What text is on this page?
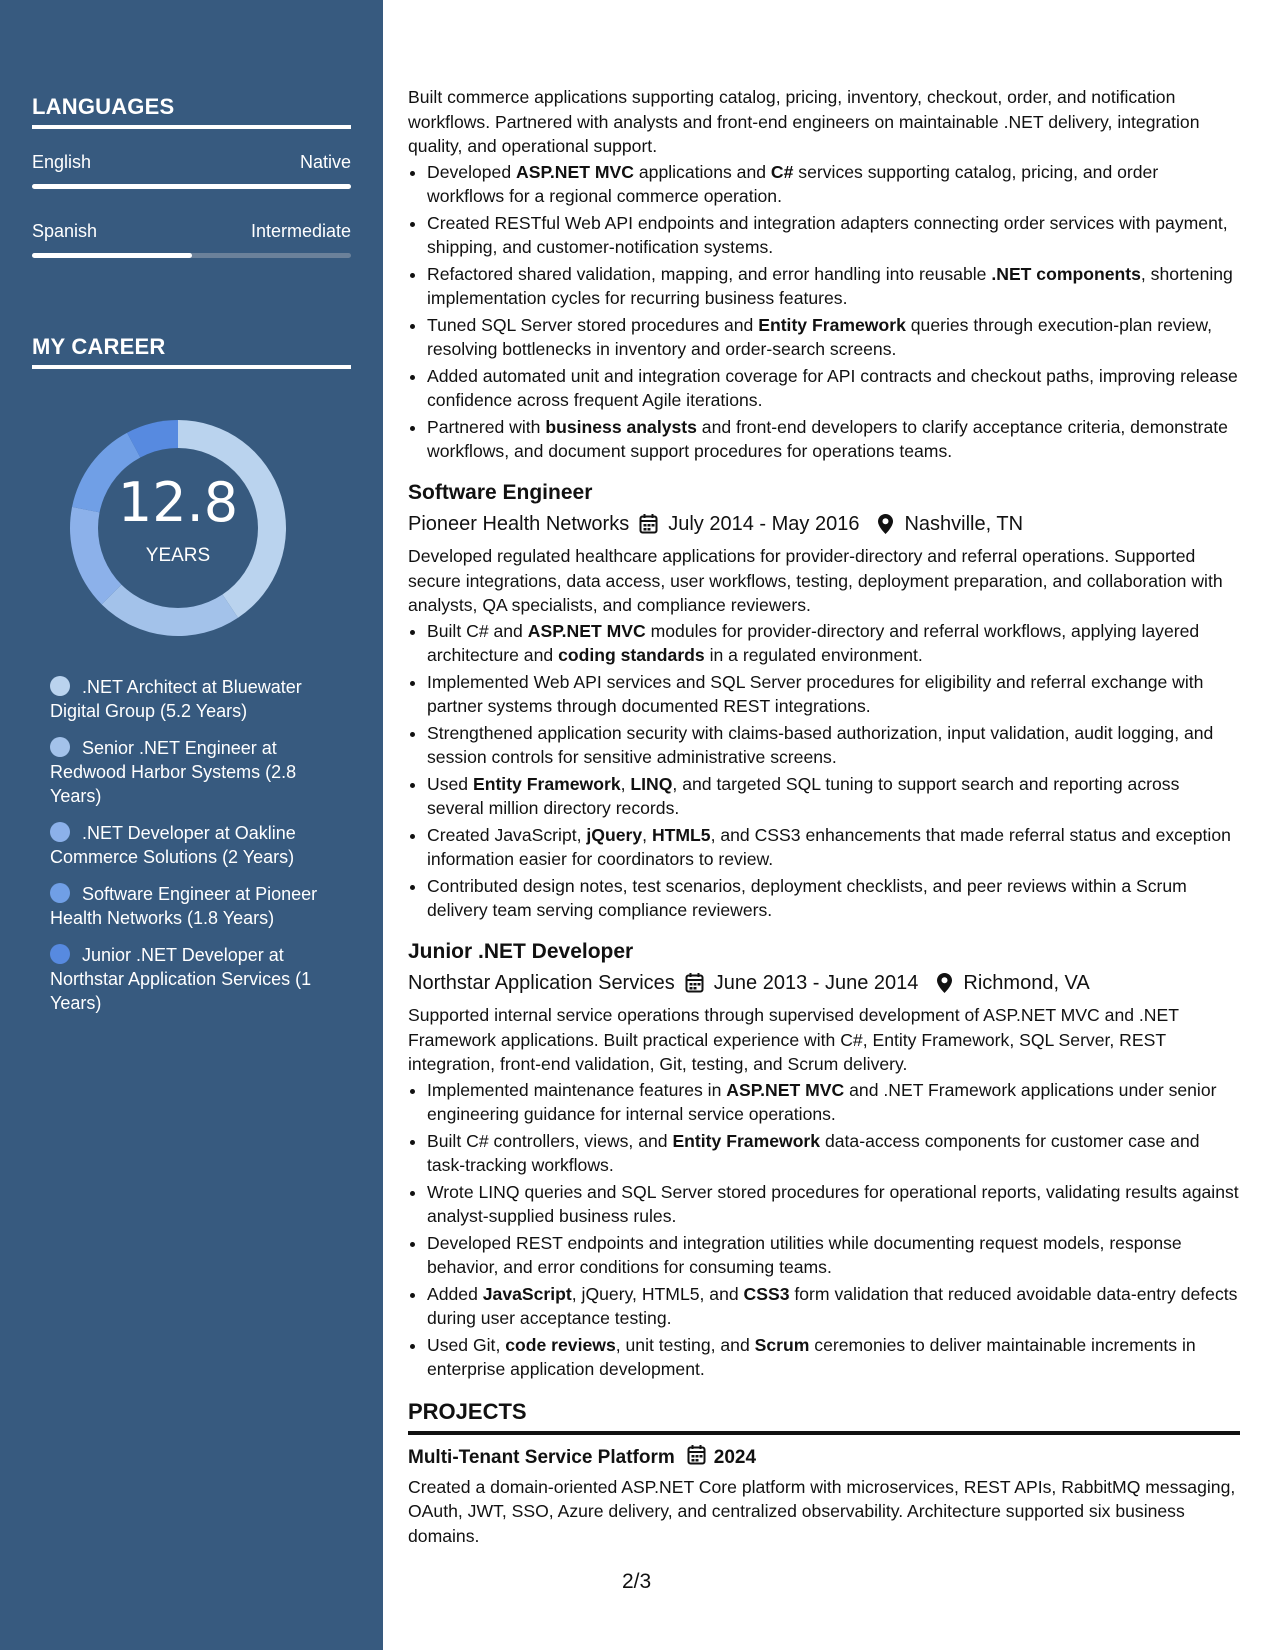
LANGUAGES
English	Native
Spanish	Intermediate
MY CAREER
12.8
YEARS
.NET Architect at Bluewater Digital Group (5.2 Years)
Senior .NET Engineer at Redwood Harbor Systems (2.8 Years)
.NET Developer at Oakline Commerce Solutions (2 Years)
Software Engineer at Pioneer Health Networks (1.8 Years)
Junior .NET Developer at Northstar Application Services (1 Years)

Built commerce applications supporting catalog, pricing, inventory, checkout, order, and notification workflows. Partnered with analysts and front-end engineers on maintainable .NET delivery, integration quality, and operational support.

• Developed ASP.NET MVC applications and C# services supporting catalog, pricing, and order workflows for a regional commerce operation.
• Created RESTful Web API endpoints and integration adapters connecting order services with payment, shipping, and customer-notification systems.
• Refactored shared validation, mapping, and error handling into reusable .NET components, shortening implementation cycles for recurring business features.
• Tuned SQL Server stored procedures and Entity Framework queries through execution-plan review, resolving bottlenecks in inventory and order-search screens.
• Added automated unit and integration coverage for API contracts and checkout paths, improving release confidence across frequent Agile iterations.
• Partnered with business analysts and front-end developers to clarify acceptance criteria, demonstrate workflows, and document support procedures for operations teams.
Software Engineer
Pioneer Health Networks July 2014 - May 2016 Nashville, TN

Developed regulated healthcare applications for provider-directory and referral operations. Supported secure integrations, data access, user workflows, testing, deployment preparation, and collaboration with analysts, QA specialists, and compliance reviewers.

• Built C# and ASP.NET MVC modules for provider-directory and referral workflows, applying layered architecture and coding standards in a regulated environment.
• Implemented Web API services and SQL Server procedures for eligibility and referral exchange with partner systems through documented REST integrations.
• Strengthened application security with claims-based authorization, input validation, audit logging, and session controls for sensitive administrative screens.
• Used Entity Framework, LINQ, and targeted SQL tuning to support search and reporting across several million directory records.
• Created JavaScript, jQuery, HTML5, and CSS3 enhancements that made referral status and exception information easier for coordinators to review.
• Contributed design notes, test scenarios, deployment checklists, and peer reviews within a Scrum delivery team serving compliance reviewers.
Junior .NET Developer
Northstar Application Services June 2013 - June 2014 Richmond, VA

Supported internal service operations through supervised development of ASP.NET MVC and .NET Framework applications. Built practical experience with C#, Entity Framework, SQL Server, REST integration, front-end validation, Git, testing, and Scrum delivery.

• Implemented maintenance features in ASP.NET MVC and .NET Framework applications under senior engineering guidance for internal service operations.
• Built C# controllers, views, and Entity Framework data-access components for customer case and task-tracking workflows.
• Wrote LINQ queries and SQL Server stored procedures for operational reports, validating results against analyst-supplied business rules.
• Developed REST endpoints and integration utilities while documenting request models, response behavior, and error conditions for consuming teams.
• Added JavaScript, jQuery, HTML5, and CSS3 form validation that reduced avoidable data-entry defects during user acceptance testing.
• Used Git, code reviews, unit testing, and Scrum ceremonies to deliver maintainable increments in enterprise application development.
PROJECTS
Multi-Tenant Service Platform 2024

Created a domain-oriented ASP.NET Core platform with microservices, REST APIs, RabbitMQ messaging, OAuth, JWT, SSO, Azure delivery, and centralized observability. Architecture supported six business domains.

2/3
